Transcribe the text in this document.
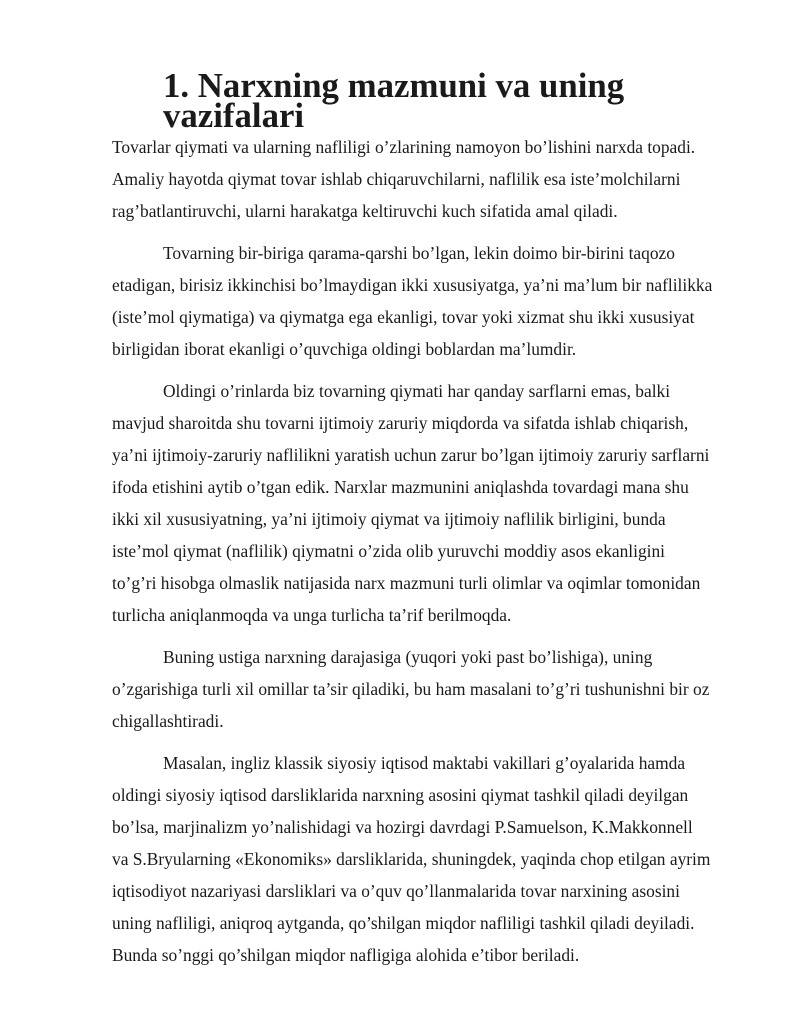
1. Narxning mazmuni va uning vazifalari

Tovarlar qiymati va ularning nafliligi o’zlarining namoyon bo’lishini narxda topadi.
Amaliy hayotda qiymat tovar ishlab chiqaruvchilarni, naflilik esa iste’molchilarni
rag’batlantiruvchi, ularni harakatga keltiruvchi kuch sifatida amal qiladi.

Tovarning bir-biriga qarama-qarshi bo’lgan, lekin doimo bir-birini taqozo
etadigan, birisiz ikkinchisi bo’lmaydigan ikki xususiyatga, ya’ni ma’lum bir naflilikka
(iste’mol qiymatiga) va qiymatga ega ekanligi, tovar yoki xizmat shu ikki xususiyat
birligidan iborat ekanligi o’quvchiga oldingi boblardan ma’lumdir.

Oldingi o’rinlarda biz tovarning qiymati har qanday sarflarni emas, balki
mavjud sharoitda shu tovarni ijtimoiy zaruriy miqdorda va sifatda ishlab chiqarish,
ya’ni ijtimoiy-zaruriy naflilikni yaratish uchun zarur bo’lgan ijtimoiy zaruriy sarflarni
ifoda etishini aytib o’tgan edik. Narxlar mazmunini aniqlashda tovardagi mana shu
ikki xil xususiyatning, ya’ni ijtimoiy qiymat va ijtimoiy naflilik birligini, bunda
iste’mol qiymat (naflilik) qiymatni o’zida olib yuruvchi moddiy asos ekanligini
to’g’ri hisobga olmaslik natijasida narx mazmuni turli olimlar va oqimlar tomonidan
turlicha aniqlanmoqda va unga turlicha ta’rif berilmoqda.

Buning ustiga narxning darajasiga (yuqori yoki past bo’lishiga), uning
o’zgarishiga turli xil omillar ta’sir qiladiki, bu ham masalani to’g’ri tushunishni bir oz
chigallashtiradi.

Masalan, ingliz klassik siyosiy iqtisod maktabi vakillari g’oyalarida hamda
oldingi siyosiy iqtisod darsliklarida narxning asosini qiymat tashkil qiladi deyilgan
bo’lsa, marjinalizm yo’nalishidagi va hozirgi davrdagi P.Samuelson, K.Makkonnell
va S.Bryularning «Ekonomiks» darsliklarida, shuningdek, yaqinda chop etilgan ayrim
iqtisodiyot nazariyasi darsliklari va o’quv qo’llanmalarida tovar narxining asosini
uning nafliligi, aniqroq aytganda, qo’shilgan miqdor nafliligi tashkil qiladi deyiladi.
Bunda so’nggi qo’shilgan miqdor nafligiga alohida e’tibor beriladi.
